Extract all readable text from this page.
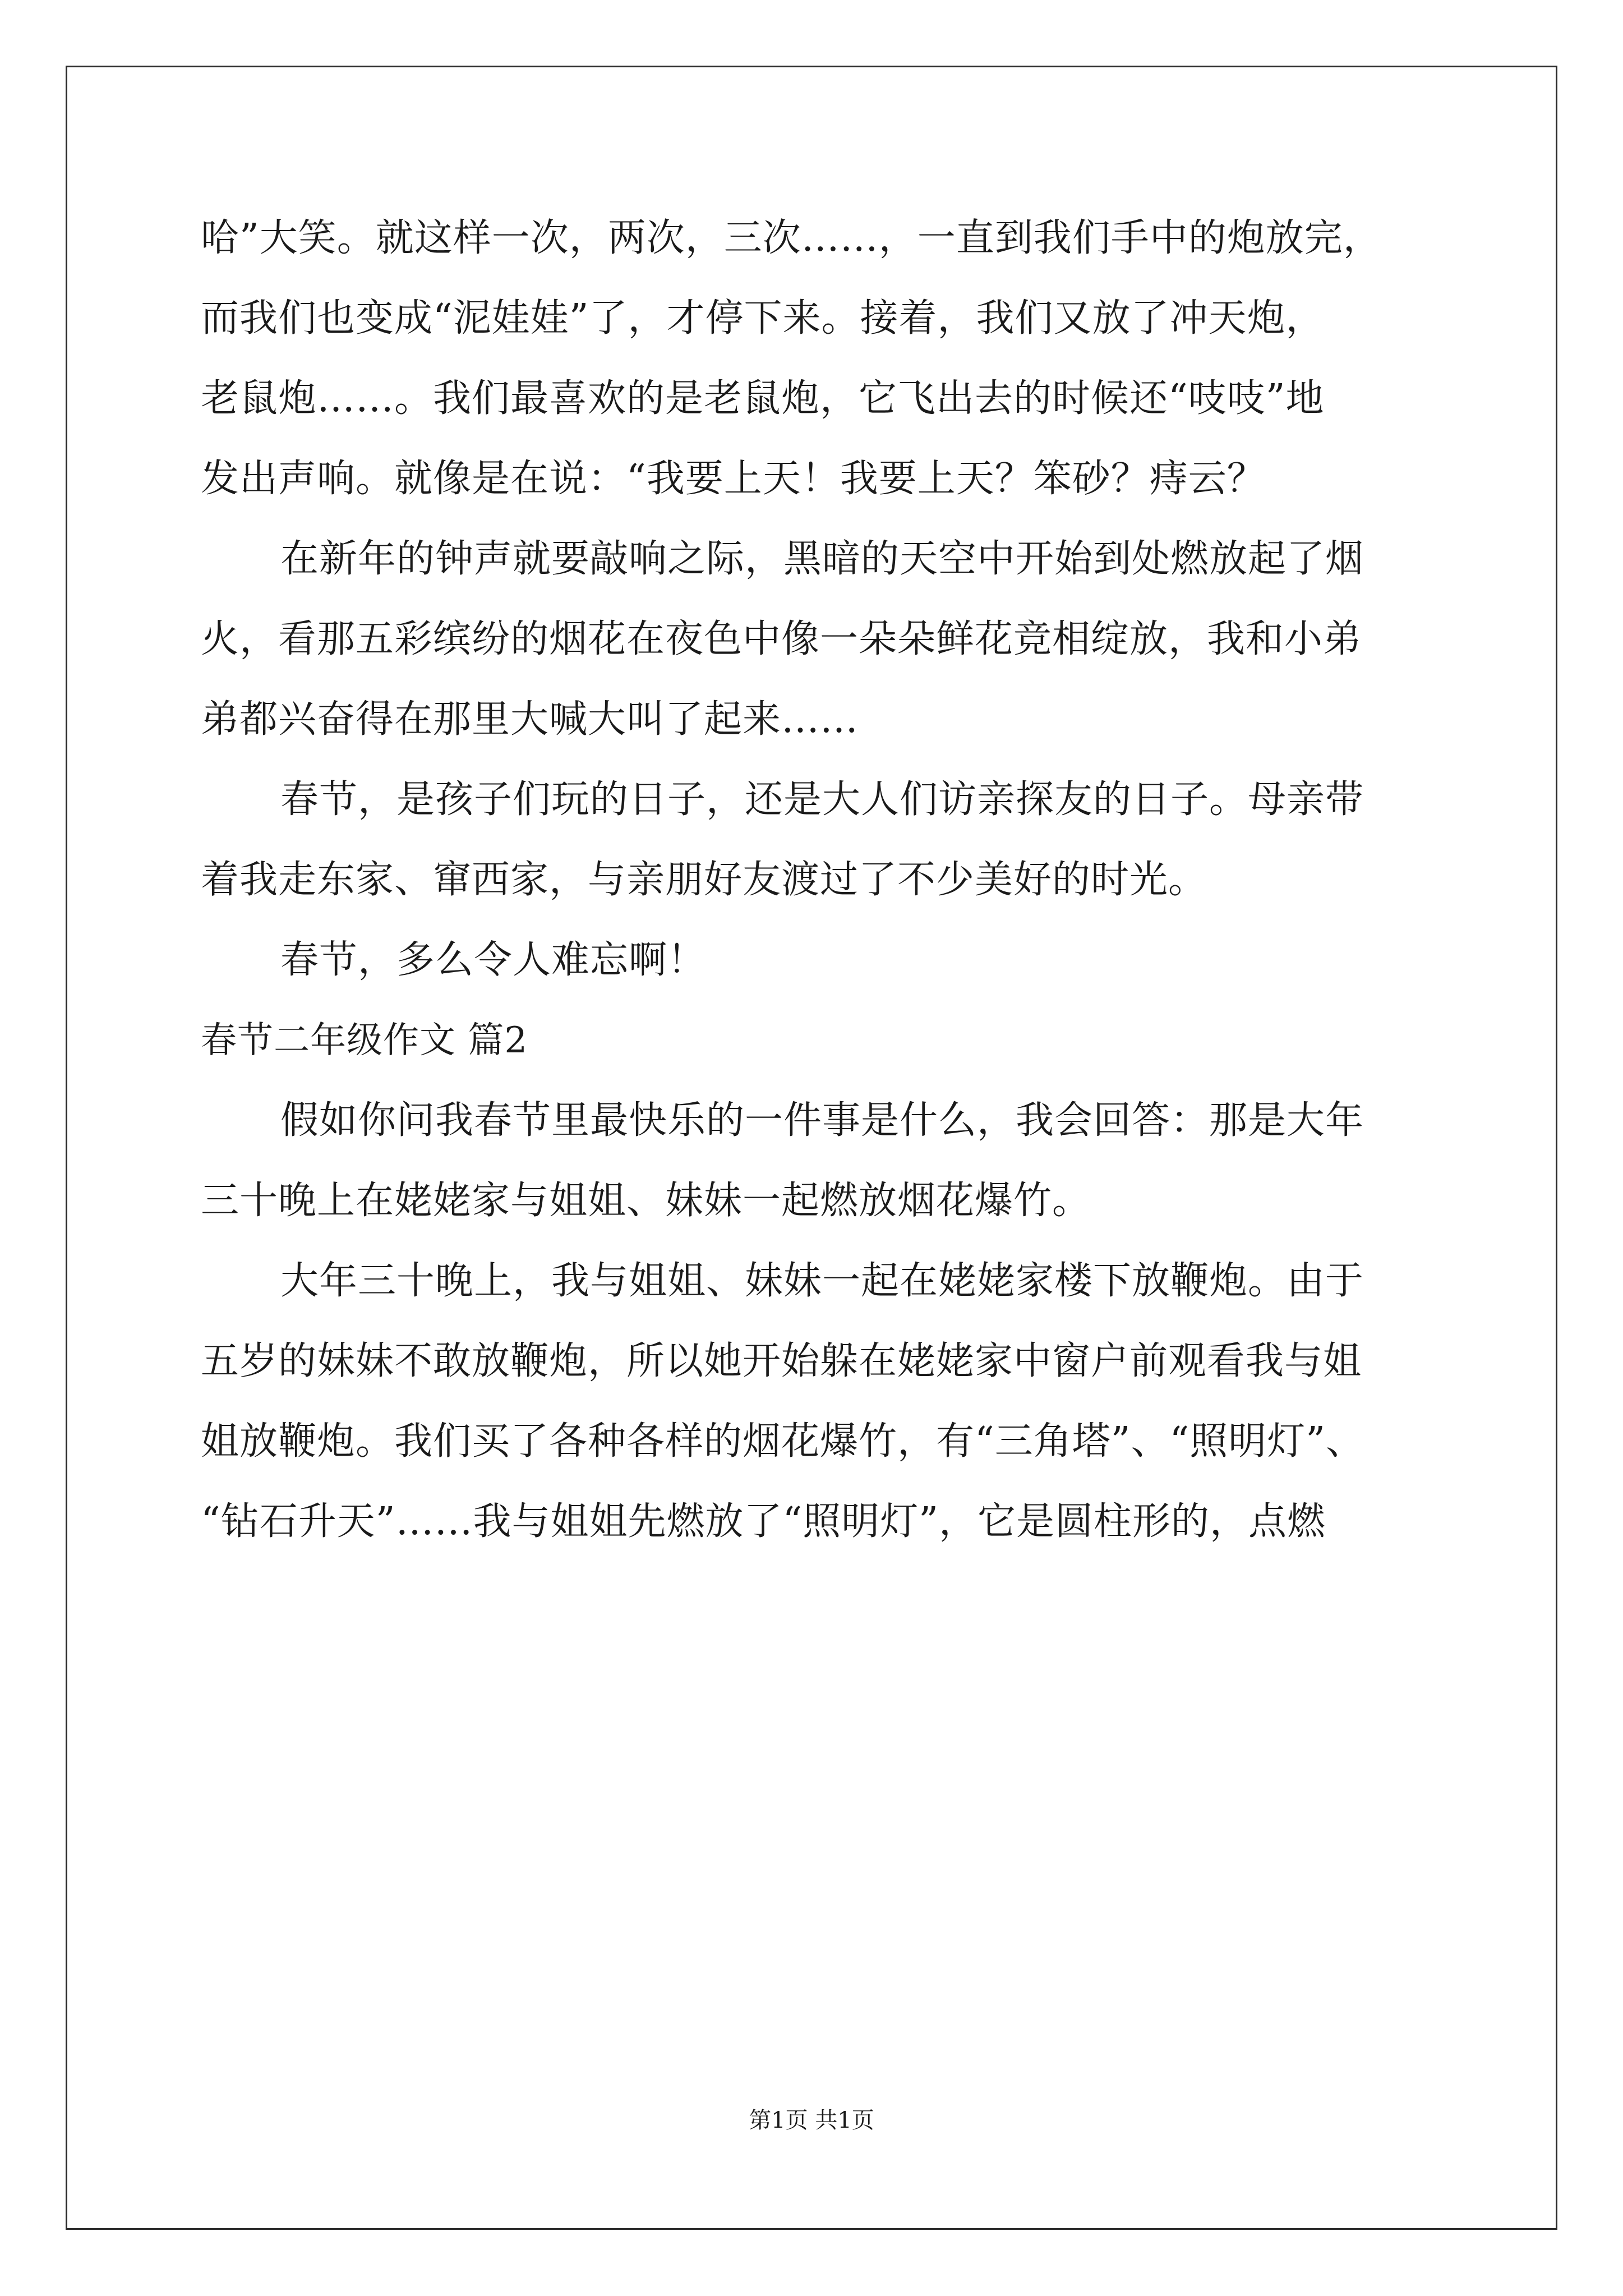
哈”大笑。就这样一次，两次，三次……，一直到我们手中的炮放完，
而我们也变成“泥娃娃”了，才停下来。接着，我们又放了冲天炮，
老鼠炮……。我们最喜欢的是老鼠炮，它飞出去的时候还“吱吱”地
发出声响。就像是在说：“我要上天！我要上天？笨砂？痔云？
在新年的钟声就要敲响之际，黑暗的天空中开始到处燃放起了烟
火，看那五彩缤纷的烟花在夜色中像一朵朵鲜花竞相绽放，我和小弟
弟都兴奋得在那里大喊大叫了起来……
春节，是孩子们玩的日子，还是大人们访亲探友的日子。母亲带
着我走东家、窜西家，与亲朋好友渡过了不少美好的时光。
春节，多么令人难忘啊！
春节二年级作文 篇2
假如你问我春节里最快乐的一件事是什么，我会回答：那是大年
三十晚上在姥姥家与姐姐、妹妹一起燃放烟花爆竹。
大年三十晚上，我与姐姐、妹妹一起在姥姥家楼下放鞭炮。由于
五岁的妹妹不敢放鞭炮，所以她开始躲在姥姥家中窗户前观看我与姐
姐放鞭炮。我们买了各种各样的烟花爆竹，有“三角塔”、“照明灯”、
“钻石升天”……我与姐姐先燃放了“照明灯”，它是圆柱形的，点燃
第1页 共1页
